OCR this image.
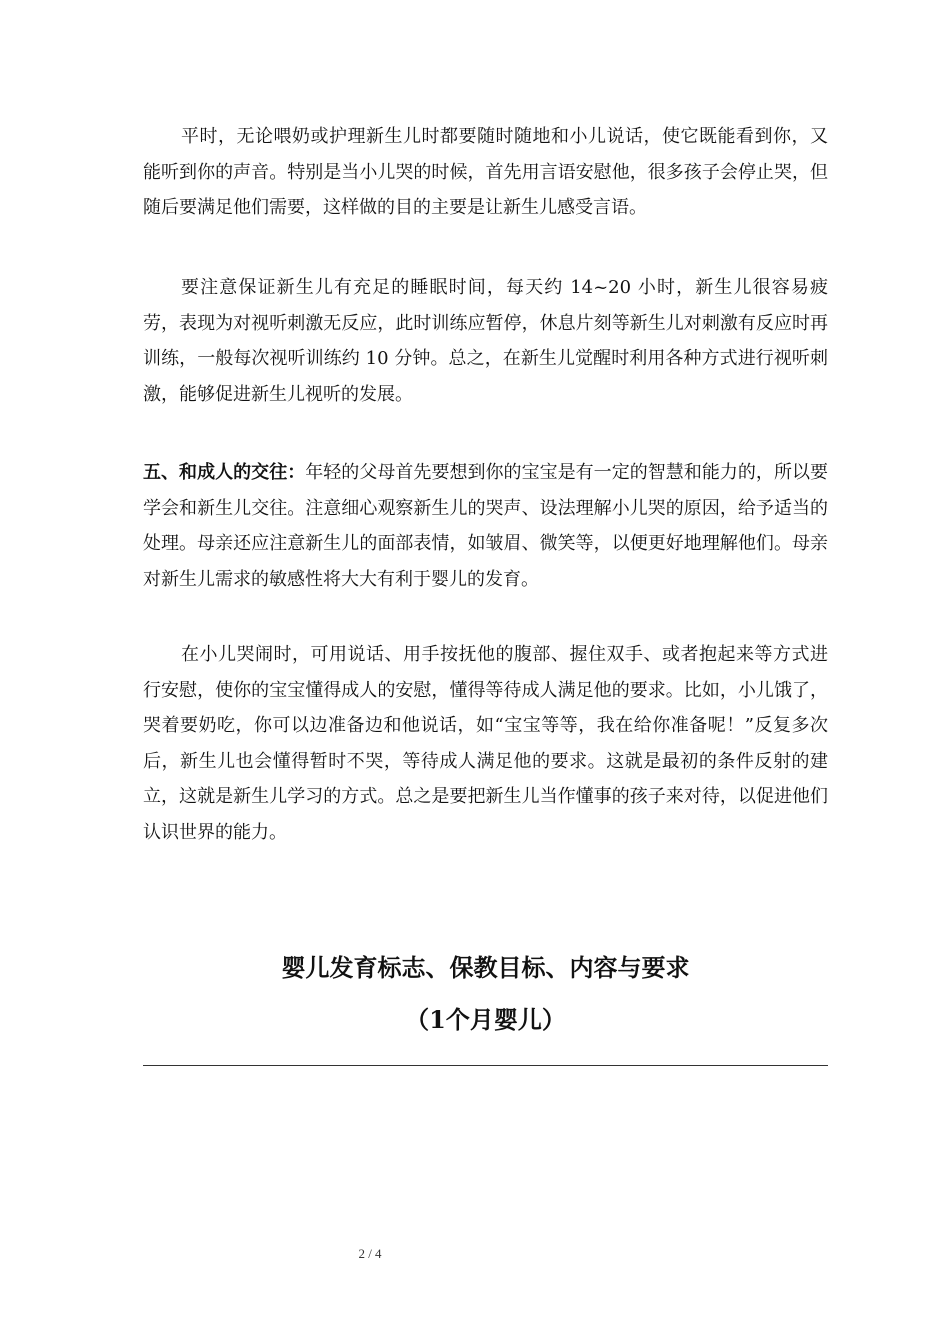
平时，无论喂奶或护理新生儿时都要随时随地和小儿说话，使它既能看到你，又能听到你的声音。特别是当小儿哭的时候，首先用言语安慰他，很多孩子会停止哭，但随后要满足他们需要，这样做的目的主要是让新生儿感受言语。

要注意保证新生儿有充足的睡眠时间，每天约 14~20 小时，新生儿很容易疲劳，表现为对视听刺激无反应，此时训练应暂停，休息片刻等新生儿对刺激有反应时再训练，一般每次视听训练约 10 分钟。总之，在新生儿觉醒时利用各种方式进行视听刺激，能够促进新生儿视听的发展。

五、和成人的交往：年轻的父母首先要想到你的宝宝是有一定的智慧和能力的，所以要学会和新生儿交往。注意细心观察新生儿的哭声、设法理解小儿哭的原因，给予适当的处理。母亲还应注意新生儿的面部表情，如皱眉、微笑等，以便更好地理解他们。母亲对新生儿需求的敏感性将大大有利于婴儿的发育。

在小儿哭闹时，可用说话、用手按抚他的腹部、握住双手、或者抱起来等方式进行安慰，使你的宝宝懂得成人的安慰，懂得等待成人满足他的要求。比如，小儿饿了，哭着要奶吃，你可以边准备边和他说话，如“宝宝等等，我在给你准备呢！”反复多次后，新生儿也会懂得暂时不哭，等待成人满足他的要求。这就是最初的条件反射的建立，这就是新生儿学习的方式。总之是要把新生儿当作懂事的孩子来对待，以促进他们认识世界的能力。

婴儿发育标志、保教目标、内容与要求
（1个月婴儿）
2 / 4
